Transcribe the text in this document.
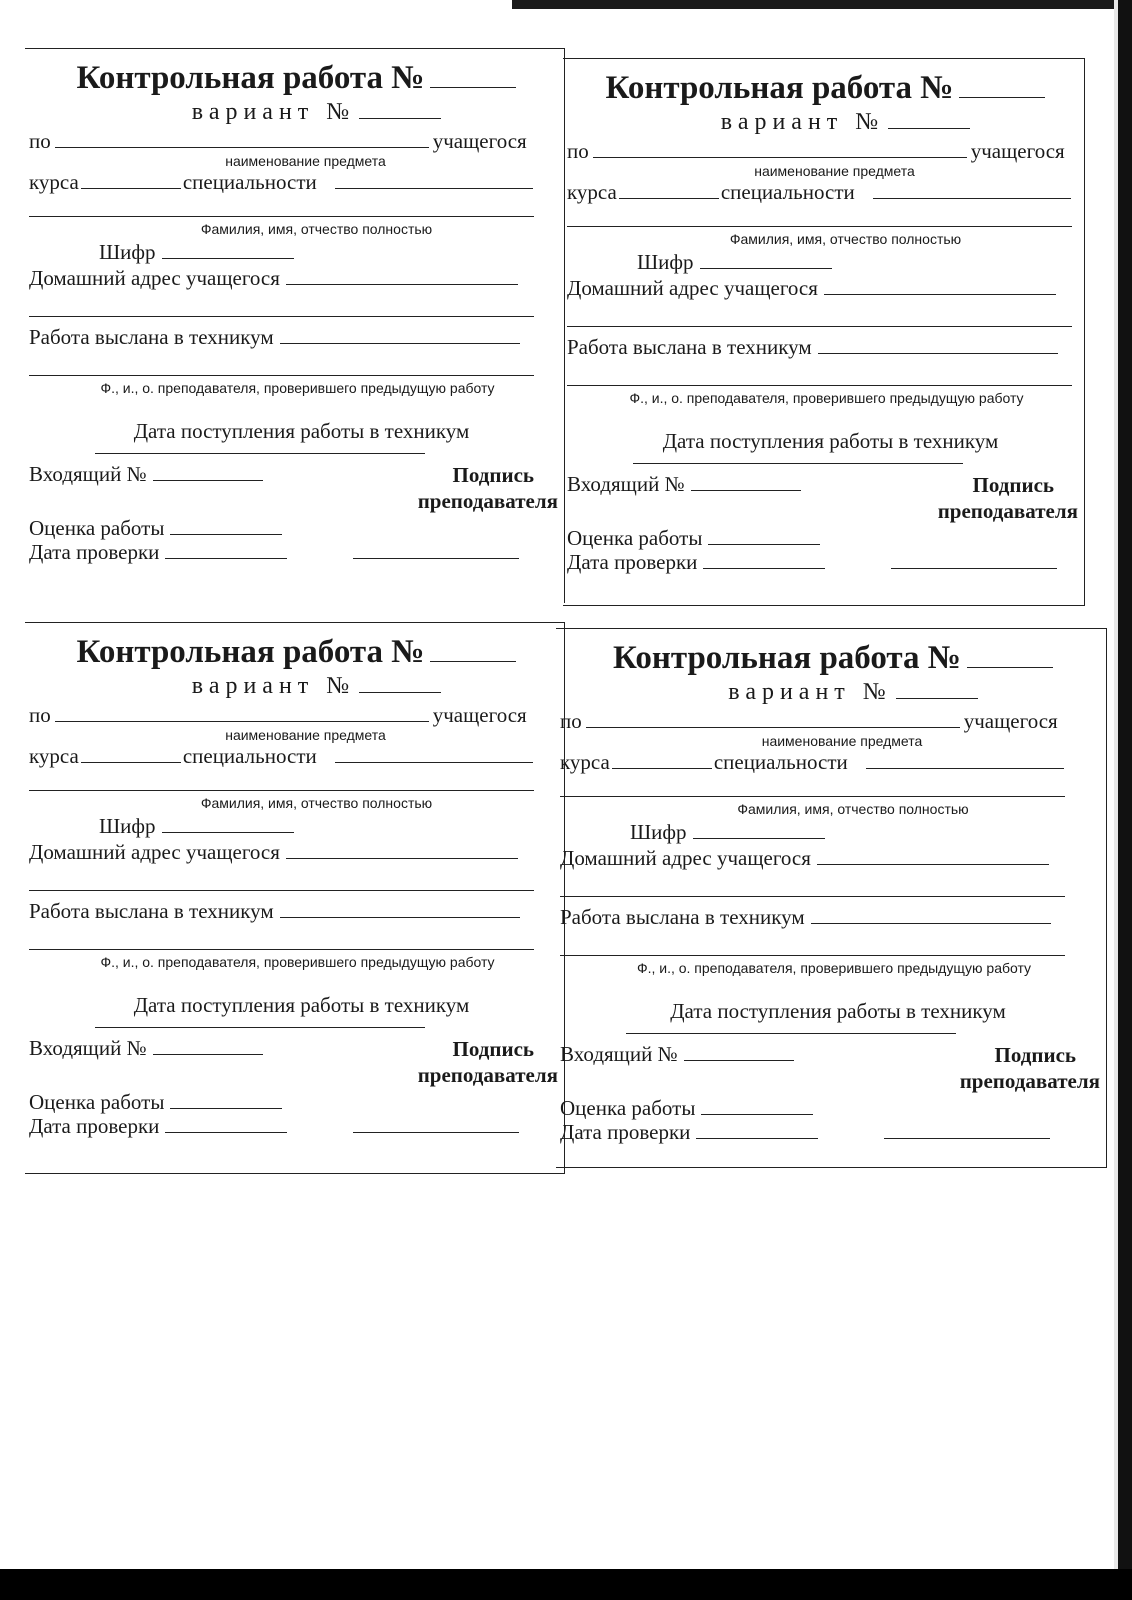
Контрольная работа №
вариант №
по	учащегося
наименование предмета
курса	специальности
Фамилия, имя, отчество полностью
Шифр
Домашний адрес учащегося
Работа выслана в техникум
Ф., и., о. преподавателя, проверившего предыдущую работу
Дата поступления работы в техникум
Входящий №	Подпись
преподавателя
Оценка работы
Дата проверки
Контрольная работа №
вариант №
по	учащегося
наименование предмета
курса	специальности
Фамилия, имя, отчество полностью
Шифр
Домашний адрес учащегося
Работа выслана в техникум
Ф., и., о. преподавателя, проверившего предыдущую работу
Дата поступления работы в техникум
Входящий №	Подпись
преподавателя
Оценка работы
Дата проверки
Контрольная работа №
вариант №
по	учащегося
наименование предмета
курса	специальности
Фамилия, имя, отчество полностью
Шифр
Домашний адрес учащегося
Работа выслана в техникум
Ф., и., о. преподавателя, проверившего предыдущую работу
Дата поступления работы в техникум
Входящий №	Подпись
преподавателя
Оценка работы
Дата проверки
Контрольная работа №
вариант №
по	учащегося
наименование предмета
курса	специальности
Фамилия, имя, отчество полностью
Шифр
Домашний адрес учащегося
Работа выслана в техникум
Ф., и., о. преподавателя, проверившего предыдущую работу
Дата поступления работы в техникум
Входящий №	Подпись
преподавателя
Оценка работы
Дата проверки
